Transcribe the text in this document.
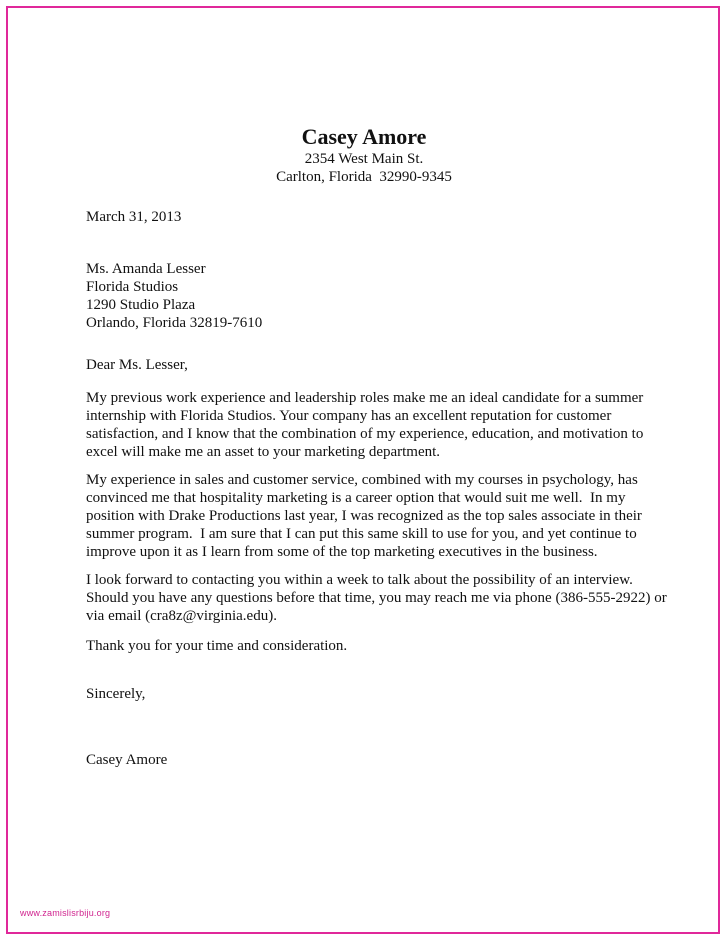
Casey Amore
2354 West Main St.
Carlton, Florida  32990-9345
March 31, 2013
Ms. Amanda Lesser
Florida Studios
1290 Studio Plaza
Orlando, Florida 32819-7610
Dear Ms. Lesser,
My previous work experience and leadership roles make me an ideal candidate for a summer
internship with Florida Studios. Your company has an excellent reputation for customer
satisfaction, and I know that the combination of my experience, education, and motivation to
excel will make me an asset to your marketing department.
My experience in sales and customer service, combined with my courses in psychology, has
convinced me that hospitality marketing is a career option that would suit me well.  In my
position with Drake Productions last year, I was recognized as the top sales associate in their
summer program.  I am sure that I can put this same skill to use for you, and yet continue to
improve upon it as I learn from some of the top marketing executives in the business.
I look forward to contacting you within a week to talk about the possibility of an interview.
Should you have any questions before that time, you may reach me via phone (386-555-2922) or
via email (cra8z@virginia.edu).
Thank you for your time and consideration.
Sincerely,
Casey Amore
www.zamislisrbiju.org
